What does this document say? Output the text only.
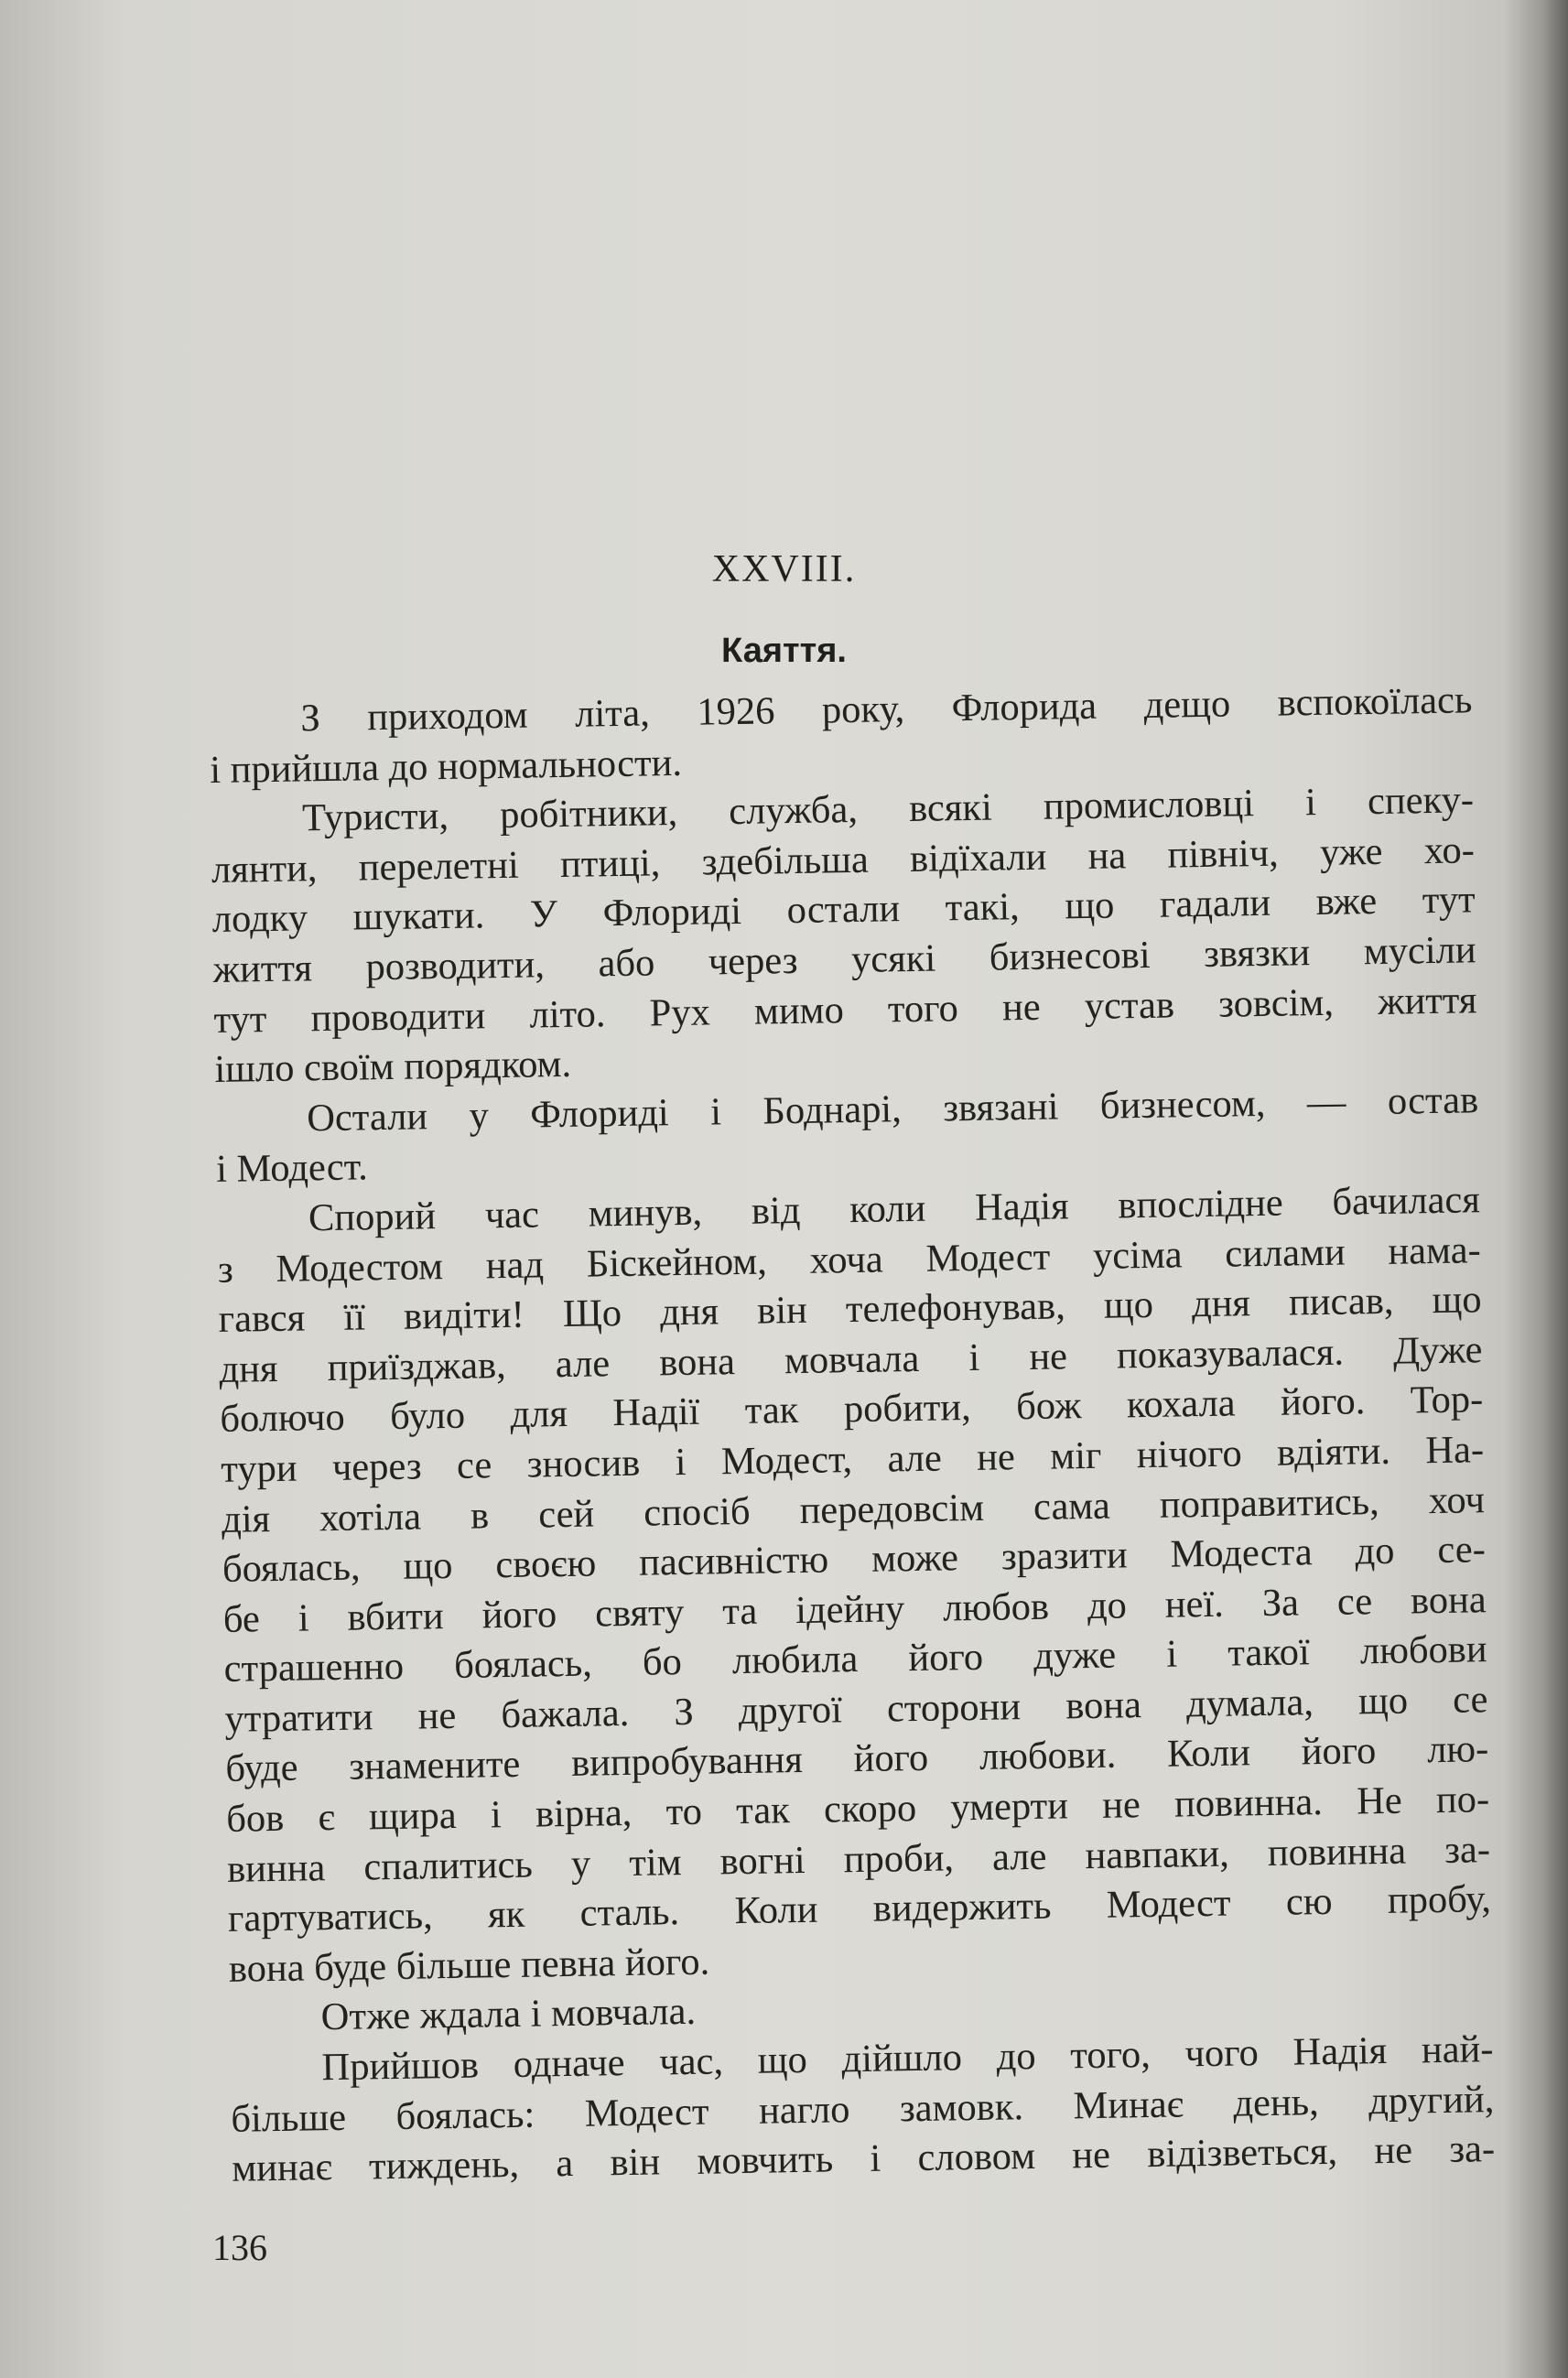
XXVIII.
Каяття.

З приходом літа, 1926 року, Флорида дещо вспокоїлась
і прийшла до нормальности.

Туристи, робітники, служба, всякі промисловці і спеку-
лянти, перелетні птиці, здебільша відїхали на північ, уже хо-
лодку шукати. У Флориді остали такі, що гадали вже тут
життя розводити, або через усякі бизнесові звязки мусіли
тут проводити літо. Рух мимо того не устав зовсім, життя
ішло своїм порядком.

Остали у Флориді і Боднарі, звязані бизнесом, — остав
і Модест.

Спорий час минув, від коли Надія впослідне бачилася
з Модестом над Біскейном, хоча Модест усіма силами нама-
гався її видіти! Що дня він телефонував, що дня писав, що
дня приїзджав, але вона мовчала і не показувалася. Дуже
болючо було для Надії так робити, бож кохала його. Тор-
тури через се зносив і Модест, але не міг нічого вдіяти. На-
дія хотіла в сей спосіб передовсім сама поправитись, хоч
боялась, що своєю пасивністю може зразити Модеста до се-
бе і вбити його святу та ідейну любов до неї. За се вона
страшенно боялась, бо любила його дуже і такої любови
утратити не бажала. З другої сторони вона думала, що се
буде знамените випробування його любови. Коли його лю-
бов є щира і вірна, то так скоро умерти не повинна. Не по-
винна спалитись у тім вогні проби, але навпаки, повинна за-
гартуватись, як сталь. Коли видержить Модест сю пробу,
вона буде більше певна його.

Отже ждала і мовчала.

Прийшов одначе час, що дійшло до того, чого Надія най-
більше боялась: Модест нагло замовк. Минає день, другий,
минає тиждень, а він мовчить і словом не відізветься, не за-

136
